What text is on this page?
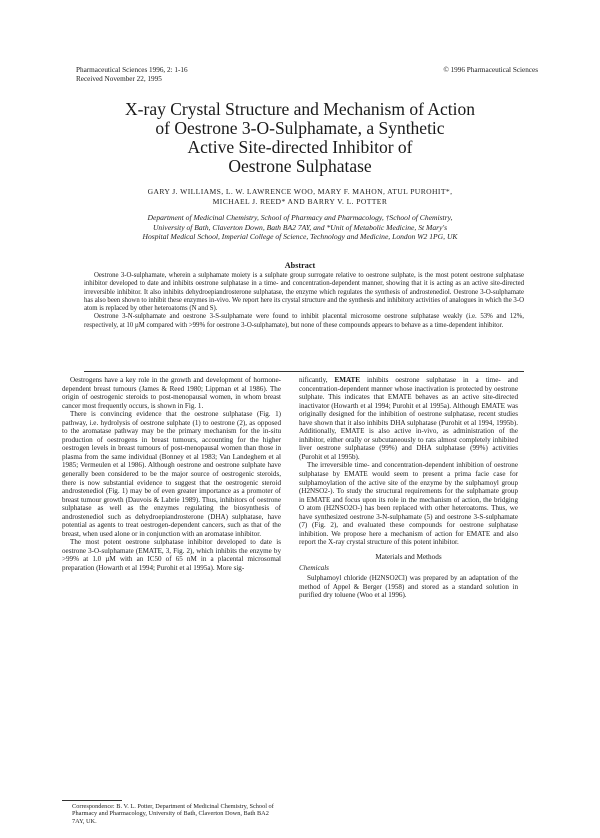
Pharmaceutical Sciences 1996, 2: 1-16
Received November 22, 1995
© 1996 Pharmaceutical Sciences
X-ray Crystal Structure and Mechanism of Action
of Oestrone 3-O-Sulphamate, a Synthetic
Active Site-directed Inhibitor of
Oestrone Sulphatase
GARY J. WILLIAMS, L. W. LAWRENCE WOO, MARY F. MAHON, ATUL PUROHIT*,
MICHAEL J. REED* AND BARRY V. L. POTTER
Department of Medicinal Chemistry, School of Pharmacy and Pharmacology, †School of Chemistry,
University of Bath, Claverton Down, Bath BA2 7AY, and *Unit of Metabolic Medicine, St Mary's
Hospital Medical School, Imperial College of Science, Technology and Medicine, London W2 1PG, UK
Abstract

Oestrone 3-O-sulphamate, wherein a sulphamate moiety is a sulphate group surrogate relative to oestrone sulphate, is the most potent oestrone sulphatase inhibitor developed to date and inhibits oestrone sulphatase in a time- and concentration-dependent manner, showing that it is acting as an active site-directed irreversible inhibitor. It also inhibits dehydroepiandrosterone sulphatase, the enzyme which regulates the synthesis of androstenediol. Oestrone 3-O-sulphamate has also been shown to inhibit these enzymes in-vivo. We report here its crystal structure and the synthesis and inhibitory activities of analogues in which the 3-O atom is replaced by other heteroatoms (N and S).

Oestrone 3-N-sulphamate and oestrone 3-S-sulphamate were found to inhibit placental microsome oestrone sulphatase weakly (i.e. 53% and 12%, respectively, at 10 µM compared with >99% for oestrone 3-O-sulphamate), but none of these compounds appears to behave as a time-dependent inhibitor.

Oestrogens have a key role in the growth and development of hormone-dependent breast tumours (James & Reed 1980; Lippman et al 1986). The origin of oestrogenic steroids to post-menopausal women, in whom breast cancer most frequently occurs, is shown in Fig. 1.

There is convincing evidence that the oestrone sulphatase (Fig. 1) pathway, i.e. hydrolysis of oestrone sulphate (1) to oestrone (2), as opposed to the aromatase pathway may be the primary mechanism for the in-situ production of oestrogens in breast tumours, accounting for the higher oestrogen levels in breast tumours of post-menopausal women than those in plasma from the same individual (Bonney et al 1983; Van Landeghem et al 1985; Vermeulen et al 1986). Although oestrone and oestrone sulphate have generally been considered to be the major source of oestrogenic steroids, there is now substantial evidence to suggest that the oestrogenic steroid androstenediol (Fig. 1) may be of even greater importance as a promoter of breast tumour growth (Dauvois & Labrie 1989). Thus, inhibitors of oestrone sulphatase as well as the enzymes regulating the biosynthesis of androstenediol such as dehydroepiandrosterone (DHA) sulphatase, have potential as agents to treat oestrogen-dependent cancers, such as that of the breast, when used alone or in conjunction with an aromatase inhibitor.

The most potent oestrone sulphatase inhibitor developed to date is oestrone 3-O-sulphamate (EMATE, 3, Fig. 2), which inhibits the enzyme by >99% at 1.0 µM with an IC50 of 65 nM in a placental microsomal preparation (Howarth et al 1994; Purohit et al 1995a). More sig-

nificantly, EMATE inhibits oestrone sulphatase in a time- and concentration-dependent manner whose inactivation is protected by oestrone sulphate. This indicates that EMATE behaves as an active site-directed inactivator (Howarth et al 1994; Purohit et al 1995a). Although EMATE was originally designed for the inhibition of oestrone sulphatase, recent studies have shown that it also inhibits DHA sulphatase (Purohit et al 1994, 1995b). Additionally, EMATE is also active in-vivo, as administration of the inhibitor, either orally or subcutaneously to rats almost completely inhibited liver oestrone sulphatase (99%) and DHA sulphatase (99%) activities (Purohit et al 1995b).

The irreversible time- and concentration-dependent inhibition of oestrone sulphatase by EMATE would seem to present a prima facie case for sulphamoylation of the active site of the enzyme by the sulphamoyl group (H2NSO2-). To study the structural requirements for the sulphamate group in EMATE and focus upon its role in the mechanism of action, the bridging O atom (H2NSO2O-) has been replaced with other heteroatoms. Thus, we have synthesized oestrone 3-N-sulphamate (5) and oestrone 3-S-sulphamate (7) (Fig. 2), and evaluated these compounds for oestrone sulphatase inhibition. We propose here a mechanism of action for EMATE and also report the X-ray crystal structure of this potent inhibitor.

Materials and Methods
Chemicals

Sulphamoyl chloride (H2NSO2Cl) was prepared by an adaptation of the method of Appel & Berger (1958) and stored as a standard solution in purified dry toluene (Woo et al 1996).

Correspondence: B. V. L. Potter, Department of Medicinal Chemistry, School of Pharmacy and Pharmacology, University of Bath, Claverton Down, Bath BA2 7AY, UK.
